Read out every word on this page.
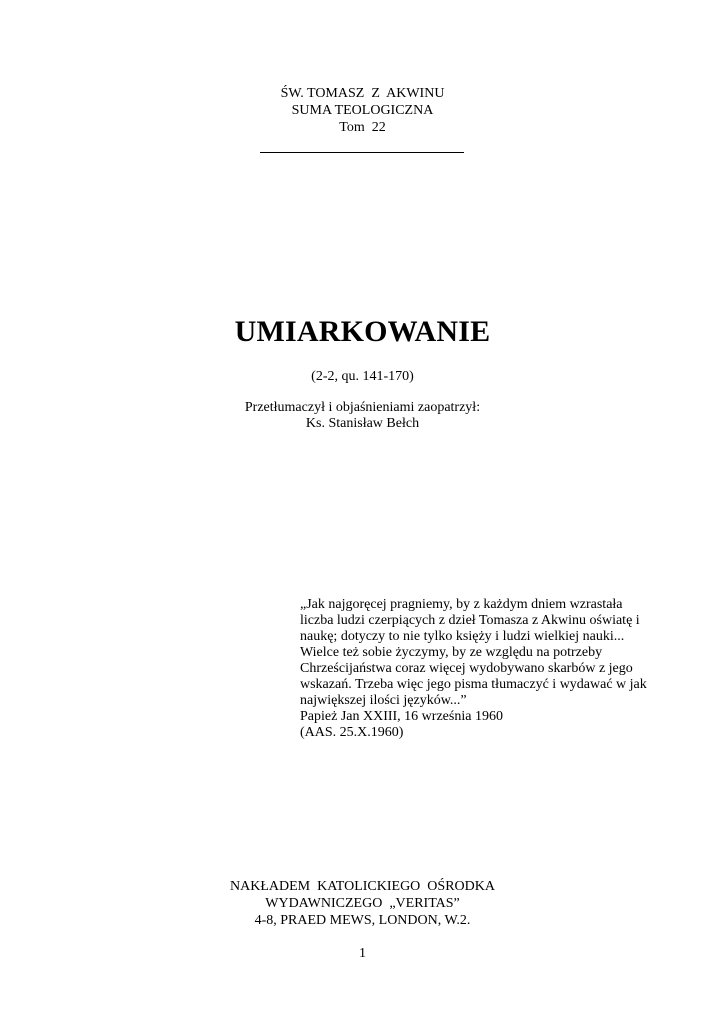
ŚW. TOMASZ  Z  AKWINU
SUMA TEOLOGICZNA
Tom  22
UMIARKOWANIE
(2-2, qu. 141-170)
Przetłumaczył i objaśnieniami zaopatrzył:
Ks. Stanisław Bełch
„Jak najgoręcej pragniemy, by z każdym dniem wzrastała
liczba ludzi czerpiących z dzieł Tomasza z Akwinu oświatę i
naukę; dotyczy to nie tylko księży i ludzi wielkiej nauki...
Wielce też sobie życzymy, by ze względu na potrzeby
Chrześcijaństwa coraz więcej wydobywano skarbów z jego
wskazań. Trzeba więc jego pisma tłumaczyć i wydawać w jak
największej ilości języków...”
Papież Jan XXIII, 16 września 1960
(AAS. 25.X.1960)
NAKŁADEM  KATOLICKIEGO  OŚRODKA
WYDAWNICZEGO  „VERITAS”
4-8, PRAED MEWS, LONDON, W.2.
1
